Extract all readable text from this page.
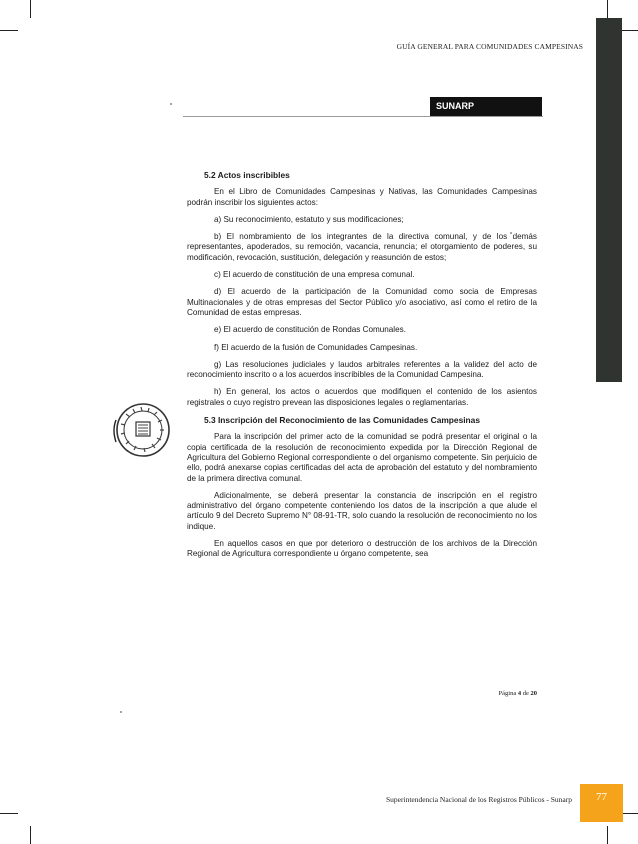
GUÍA GENERAL PARA COMUNIDADES CAMPESINAS
SUNARP
5.2 Actos inscribibles

En el Libro de Comunidades Campesinas y Nativas, las Comunidades Campesinas podrán inscribir los siguientes actos:

a) Su reconocimiento, estatuto y sus modificaciones;

b) El nombramiento de los integrantes de la directiva comunal, y de los demás representantes, apoderados, su remoción, vacancia, renuncia; el otorgamiento de poderes, su modificación, revocación, sustitución, delegación y reasunción de estos;

c) El acuerdo de constitución de una empresa comunal.

d) El acuerdo de la participación de la Comunidad como socia de Empresas Multinacionales y de otras empresas del Sector Público y/o asociativo, así como el retiro de la Comunidad de estas empresas.

e) El acuerdo de constitución de Rondas Comunales.

f) El acuerdo de la fusión de Comunidades Campesinas.

g) Las resoluciones judiciales y laudos arbitrales referentes a la validez del acto de reconocimiento inscrito o a los acuerdos inscribibles de la Comunidad Campesina.

h) En general, los actos o acuerdos que modifiquen el contenido de los asientos registrales o cuyo registro prevean las disposiciones legales o reglamentarias.

5.3 Inscripción del Reconocimiento de las Comunidades Campesinas

Para la inscripción del primer acto de la comunidad se podrá presentar el original o la copia certificada de la resolución de reconocimiento expedida por la Dirección Regional de Agricultura del Gobierno Regional correspondiente o del organismo competente. Sin perjuicio de ello, podrá anexarse copias certificadas del acta de aprobación del estatuto y del nombramiento de la primera directiva comunal.

Adicionalmente, se deberá presentar la constancia de inscripción en el registro administrativo del órgano competente conteniendo los datos de la inscripción a que alude el artículo 9 del Decreto Supremo N° 08-91-TR, solo cuando la resolución de reconocimiento no los indique.

En aquellos casos en que por deterioro o destrucción de los archivos de la Dirección Regional de Agricultura correspondiente u órgano competente, sea

Página 4 de 20
Superintendencia Nacional de los Registros Públicos - Sunarp	77
